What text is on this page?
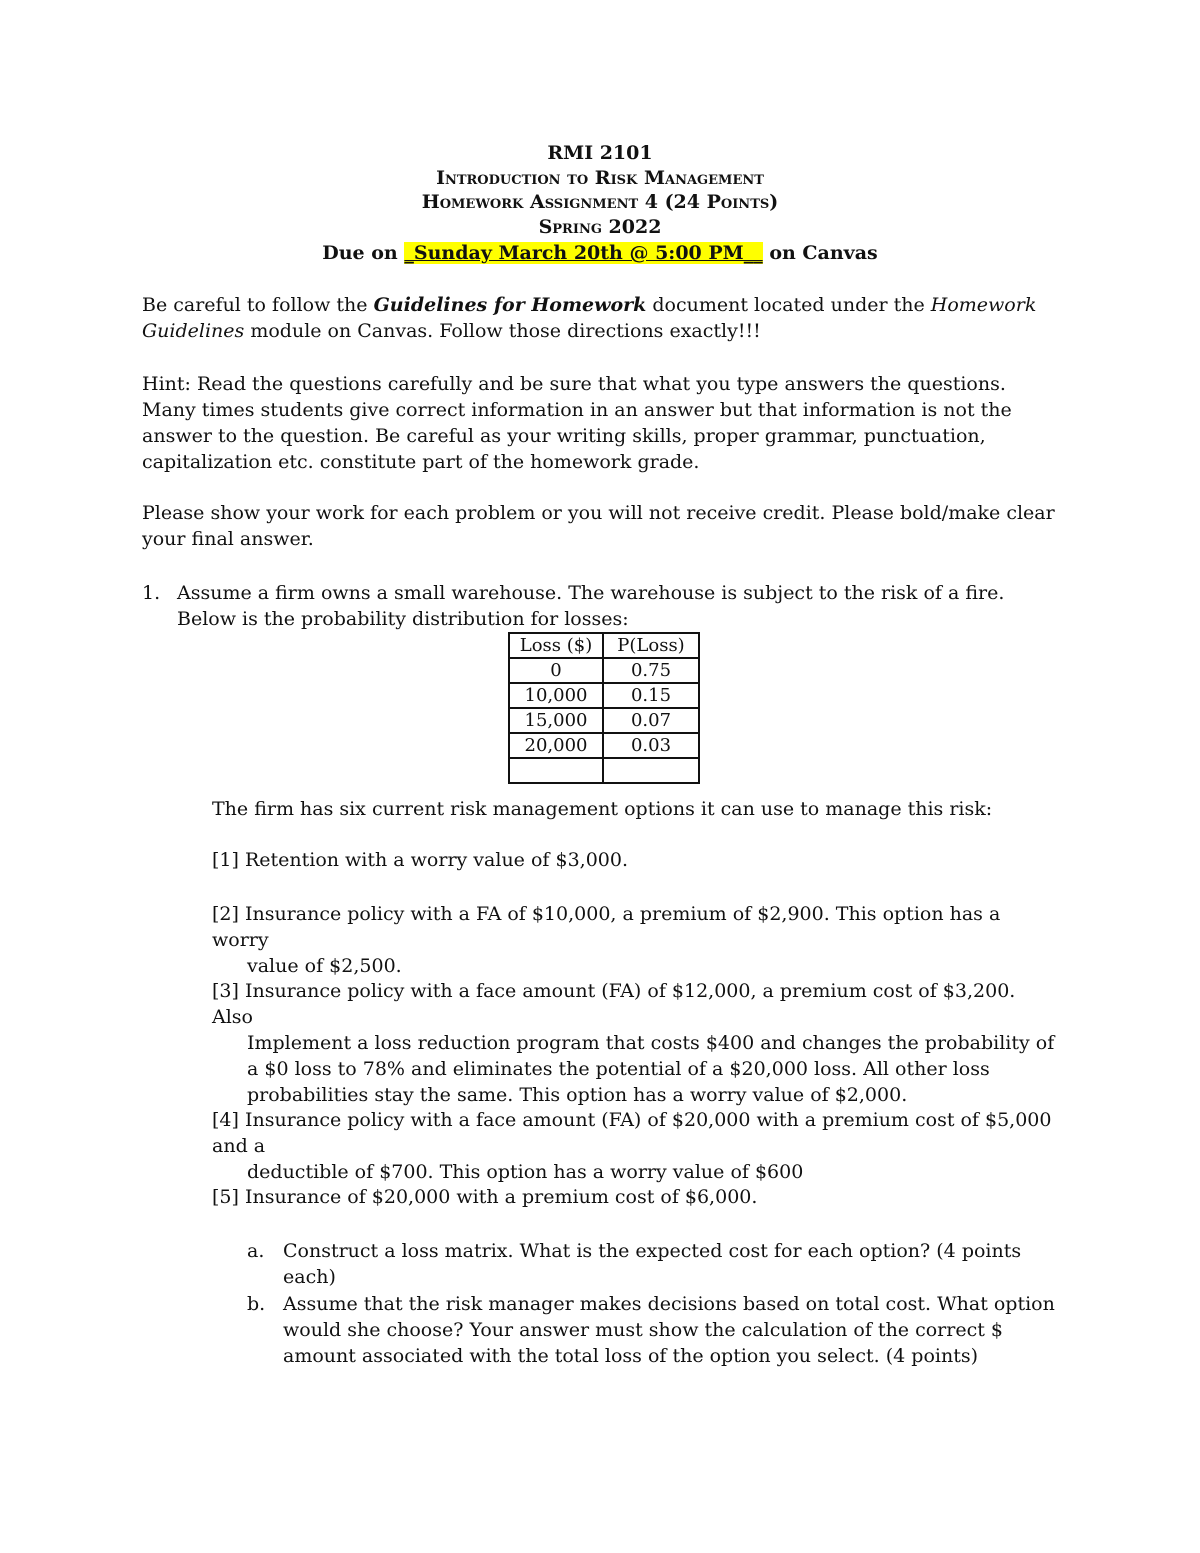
RMI 2101
Introduction to Risk Management
Homework Assignment 4 (24 Points)
Spring 2022
Due on _Sunday March 20th @ 5:00 PM__ on Canvas

Be careful to follow the Guidelines for Homework document located under the Homework Guidelines module on Canvas. Follow those directions exactly!!!

Hint: Read the questions carefully and be sure that what you type answers the questions. Many times students give correct information in an answer but that information is not the answer to the question. Be careful as your writing skills, proper grammar, punctuation, capitalization etc. constitute part of the homework grade.

Please show your work for each problem or you will not receive credit. Please bold/make clear your final answer.

1. Assume a firm owns a small warehouse. The warehouse is subject to the risk of a fire. Below is the probability distribution for losses:
Loss ($)	P(Loss)
0	0.75
10,000	0.15
15,000	0.07
20,000	0.03

The firm has six current risk management options it can use to manage this risk:
[1] Retention with a worry value of $3,000.
[2] Insurance policy with a FA of $10,000, a premium of $2,900. This option has a worry
value of $2,500.
[3] Insurance policy with a face amount (FA) of $12,000, a premium cost of $3,200. Also
Implement a loss reduction program that costs $400 and changes the probability of a $0 loss to 78% and eliminates the potential of a $20,000 loss. All other loss probabilities stay the same. This option has a worry value of $2,000.
[4] Insurance policy with a face amount (FA) of $20,000 with a premium cost of $5,000 and a
deductible of $700. This option has a worry value of $600
[5] Insurance of $20,000 with a premium cost of $6,000.
a. Construct a loss matrix. What is the expected cost for each option? (4 points each)
b. Assume that the risk manager makes decisions based on total cost. What option would she choose? Your answer must show the calculation of the correct $ amount associated with the total loss of the option you select. (4 points)
